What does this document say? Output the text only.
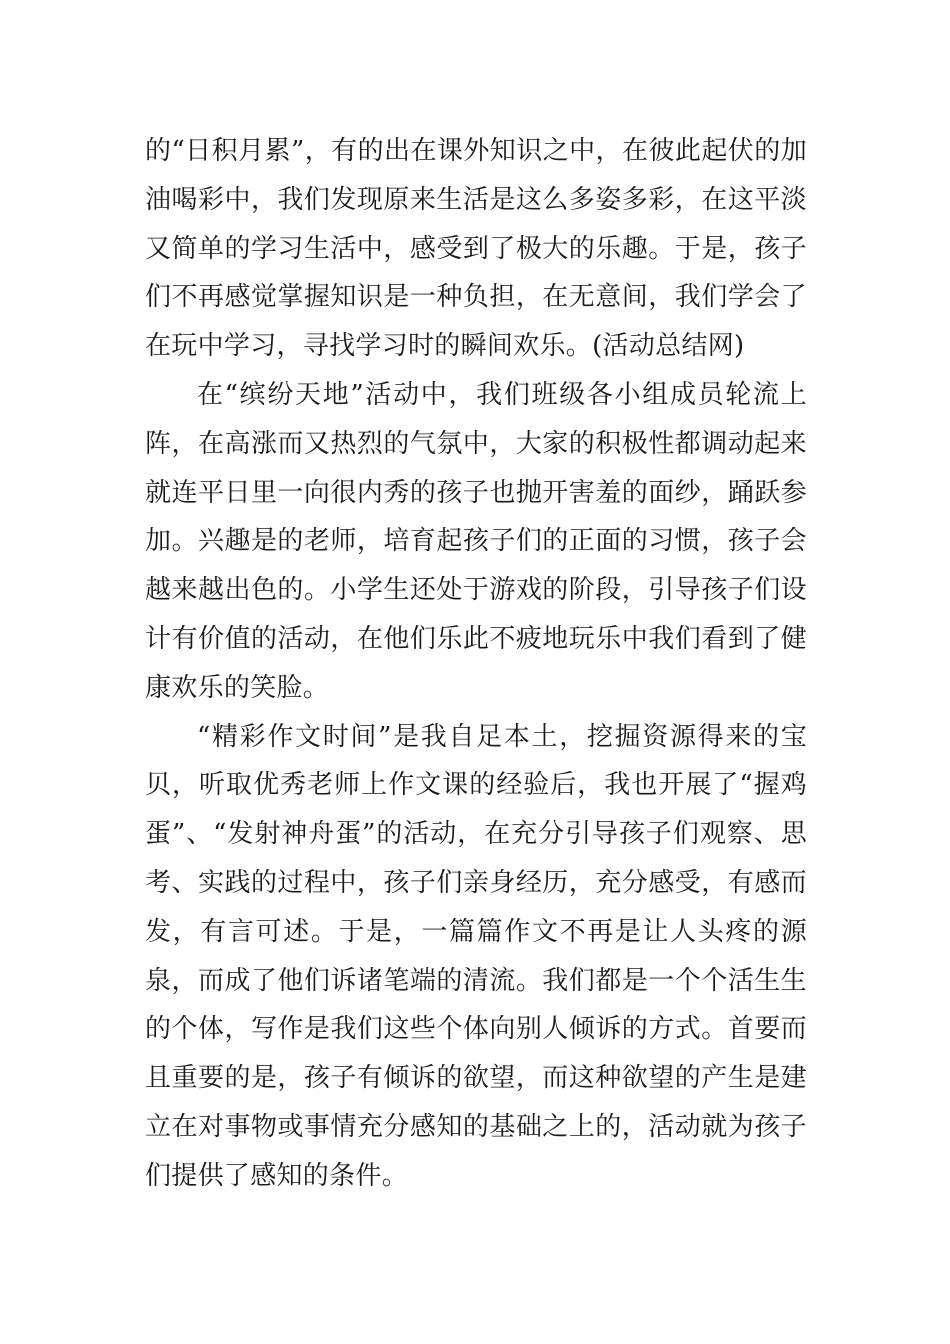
的“日积月累”，有的出在课外知识之中，在彼此起伏的加油喝彩中，我们发现原来生活是这么多姿多彩，在这平淡又简单的学习生活中，感受到了极大的乐趣。于是，孩子们不再感觉掌握知识是一种负担，在无意间，我们学会了在玩中学习，寻找学习时的瞬间欢乐。(活动总结网)

在“缤纷天地”活动中，我们班级各小组成员轮流上阵，在高涨而又热烈的气氛中，大家的积极性都调动起来就连平日里一向很内秀的孩子也抛开害羞的面纱，踊跃参加。兴趣是的老师，培育起孩子们的正面的习惯，孩子会越来越出色的。小学生还处于游戏的阶段，引导孩子们设计有价值的活动，在他们乐此不疲地玩乐中我们看到了健康欢乐的笑脸。

“精彩作文时间”是我自足本土，挖掘资源得来的宝贝，听取优秀老师上作文课的经验后，我也开展了“握鸡蛋”、“发射神舟蛋”的活动，在充分引导孩子们观察、思考、实践的过程中，孩子们亲身经历，充分感受，有感而发，有言可述。于是，一篇篇作文不再是让人头疼的源泉，而成了他们诉诸笔端的清流。我们都是一个个活生生的个体，写作是我们这些个体向别人倾诉的方式。首要而且重要的是，孩子有倾诉的欲望，而这种欲望的产生是建立在对事物或事情充分感知的基础之上的，活动就为孩子们提供了感知的条件。
